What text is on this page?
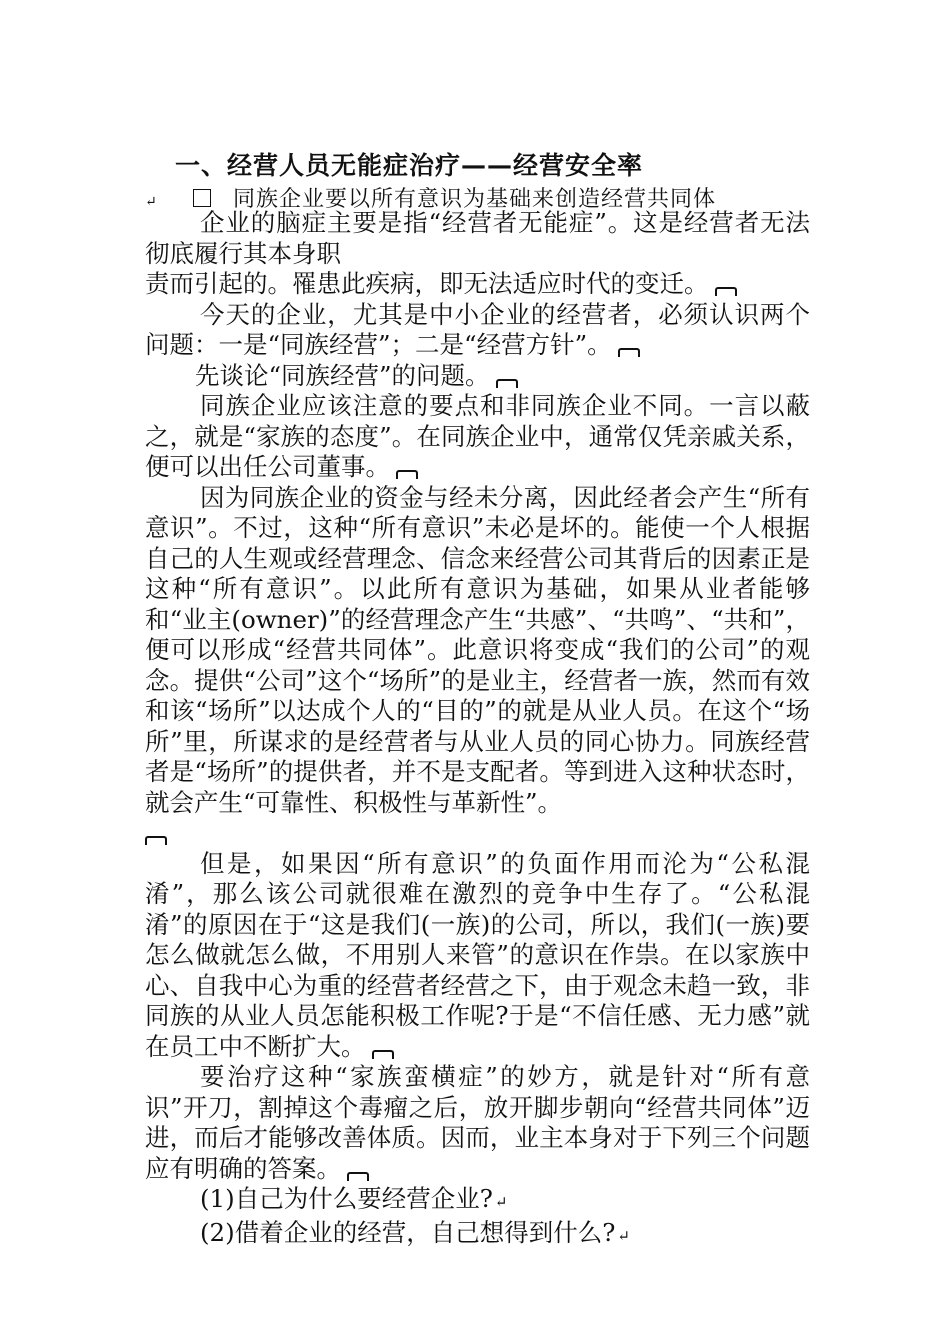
一、经营人员无能症治疗——经营安全率
↵	同族企业要以所有意识为基础来创造经营共同体

企业的脑症主要是指“经营者无能症”。这是经营者无法彻底履行其本身职

责而引起的。罹患此疾病，即无法适应时代的变迁。

今天的企业，尤其是中小企业的经营者，必须认识两个问题：一是“同族经营”；二是“经营方针”。

先谈论“同族经营”的问题。

同族企业应该注意的要点和非同族企业不同。一言以蔽之，就是“家族的态度”。在同族企业中，通常仅凭亲戚关系，便可以出任公司董事。

因为同族企业的资金与经未分离，因此经者会产生“所有意识”。不过，这种“所有意识”未必是坏的。能使一个人根据自己的人生观或经营理念、信念来经营公司其背后的因素正是这种“所有意识”。以此所有意识为基础，如果从业者能够和“业主(owner)”的经营理念产生“共感”、“共鸣”、“共和”，便可以形成“经营共同体”。此意识将变成“我们的公司”的观念。提供“公司”这个“场所”的是业主，经营者一族，然而有效和该“场所”以达成个人的“目的”的就是从业人员。在这个“场所”里，所谋求的是经营者与从业人员的同心协力。同族经营者是“场所”的提供者，并不是支配者。等到进入这种状态时，就会产生“可靠性、积极性与革新性”。

但是，如果因“所有意识”的负面作用而沦为“公私混淆”，那么该公司就很难在激烈的竞争中生存了。“公私混淆”的原因在于“这是我们(一族)的公司，所以，我们(一族)要怎么做就怎么做，不用别人来管”的意识在作祟。在以家族中心、自我中心为重的经营者经营之下，由于观念未趋一致，非同族的从业人员怎能积极工作呢?于是“不信任感、无力感”就在员工中不断扩大。

要治疗这种“家族蛮横症”的妙方，就是针对“所有意识”开刀，割掉这个毒瘤之后，放开脚步朝向“经营共同体”迈进，而后才能够改善体质。因而，业主本身对于下列三个问题应有明确的答案。

(1)自己为什么要经营企业? ↵

(2)借着企业的经营，自己想得到什么? ↵
